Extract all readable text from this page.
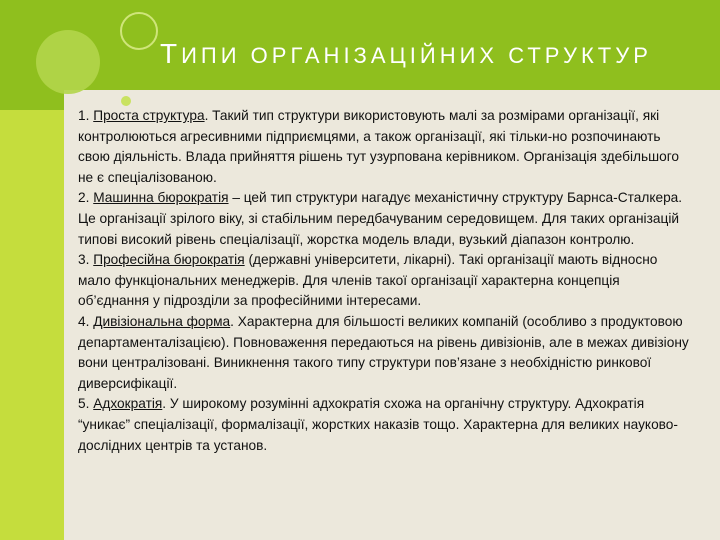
ТИПИ ОРГАНІЗАЦІЙНИХ СТРУКТУР

1. Проста структура. Такий тип структури використовують малі за розмірами організації, які контролюються агресивними підприємцями, а також організації, які тільки-но розпочинають свою діяльність. Влада прийняття рішень тут узурпована керівником. Організація здебільшого не є спеціалізованою.

2. Машинна бюрократія – цей тип структури нагадує механістичну структуру Барнса-Сталкера. Це організації зрілого віку, зі стабільним передбачуваним середовищем. Для таких організацій типові високий рівень спеціалізації, жорстка модель влади, вузький діапазон контролю.

3. Професійна бюрократія (державні університети, лікарні). Такі організації мають відносно мало функціональних менеджерів. Для членів такої організації характерна концепція об’єднання у підрозділи за професійними інтересами.

4. Дивізіональна форма. Характерна для більшості великих компаній (особливо з продуктовою департаменталізацією). Повноваження передаються на рівень дивізіонів, але в межах дивізіону вони централізовані. Виникнення такого типу структури пов’язане з необхідністю ринкової диверсифікації.

5. Адхократія. У широкому розумінні адхократія схожа на органічну структуру. Адхократія “уникає” спеціалізації, формалізації, жорстких наказів тощо. Характерна для великих науково-дослідних центрів та установ.
